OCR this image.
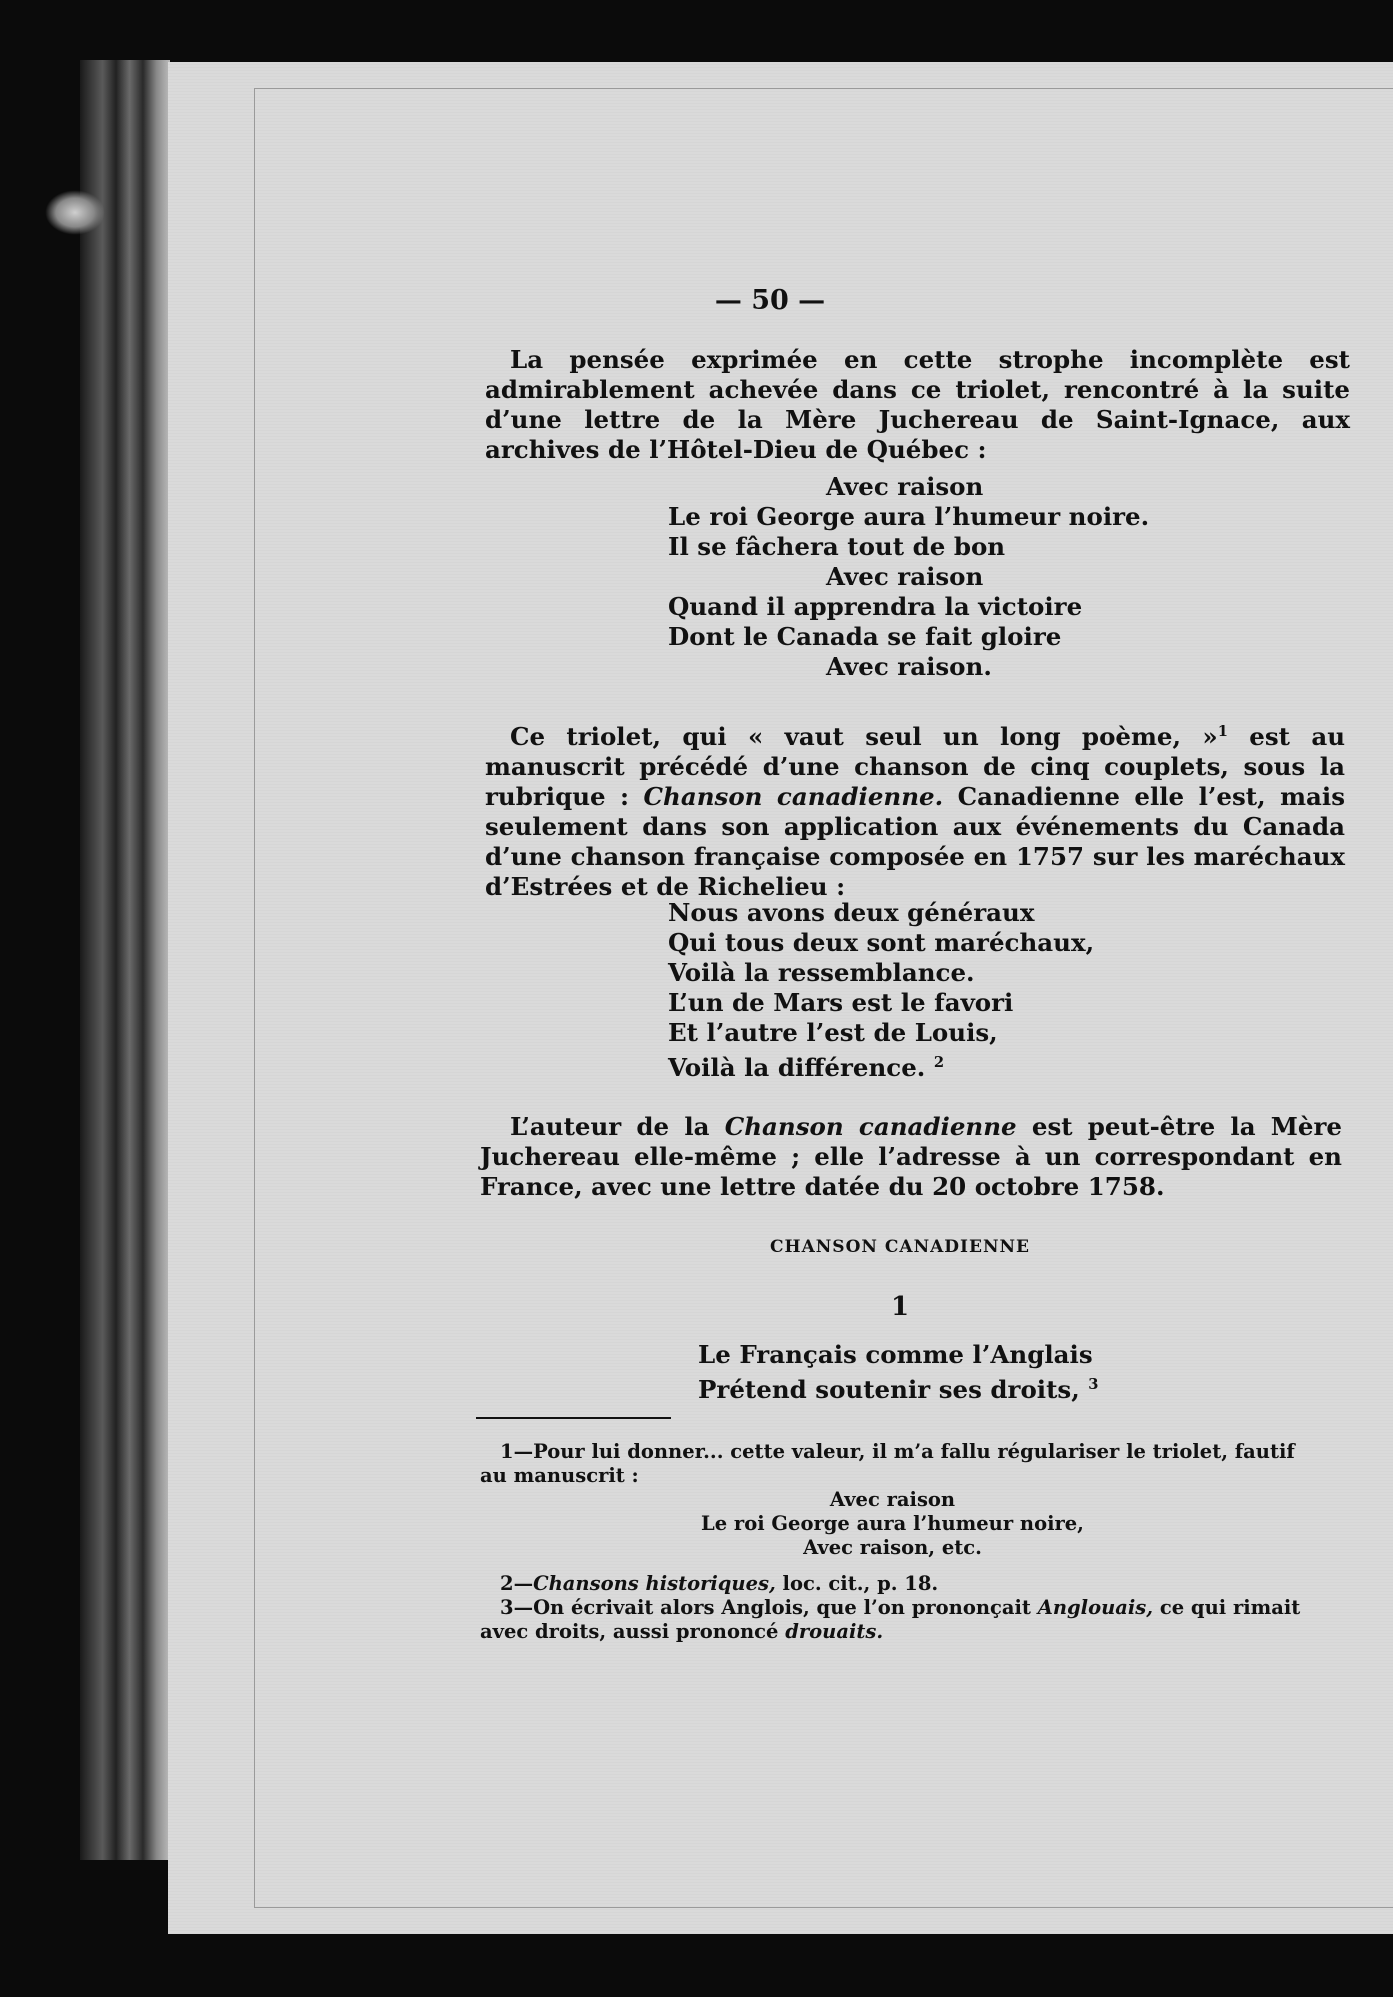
— 50 —
La pensée exprimée en cette strophe incomplète est admirablement achevée dans ce triolet, rencontré à la suite d’une lettre de la Mère Juchereau de Saint-Ignace, aux archives de l’Hôtel-Dieu de Québec :
Avec raison
Le roi George aura l’humeur noire.
Il se fâchera tout de bon
Avec raison
Quand il apprendra la victoire
Dont le Canada se fait gloire
Avec raison.
Ce triolet, qui « vaut seul un long poème, »$^1$ est au manuscrit précédé d’une chanson de cinq couplets, sous la rubrique : Chanson canadienne. Canadienne elle l’est, mais seulement dans son application aux événements du Canada d’une chanson française composée en 1757 sur les maréchaux d’Estrées et de Richelieu :
Nous avons deux généraux
Qui tous deux sont maréchaux,
Voilà la ressemblance.
L’un de Mars est le favori
Et l’autre l’est de Louis,
Voilà la différence. $^2$
L’auteur de la Chanson canadienne est peut-être la Mère Juchereau elle-même ; elle l’adresse à un correspondant en France, avec une lettre datée du 20 octobre 1758.
CHANSON CANADIENNE
1
Le Français comme l’Anglais
Prétend soutenir ses droits, $^3$
1—Pour lui donner... cette valeur, il m’a fallu régulariser le triolet, fautif
au manuscrit :
Avec raison
Le roi George aura l’humeur noire,
Avec raison, etc.
2—Chansons historiques, loc. cit., p. 18.
3—On écrivait alors Anglois, que l’on prononçait Anglouais, ce qui rimait
avec droits, aussi prononcé drouaits.
